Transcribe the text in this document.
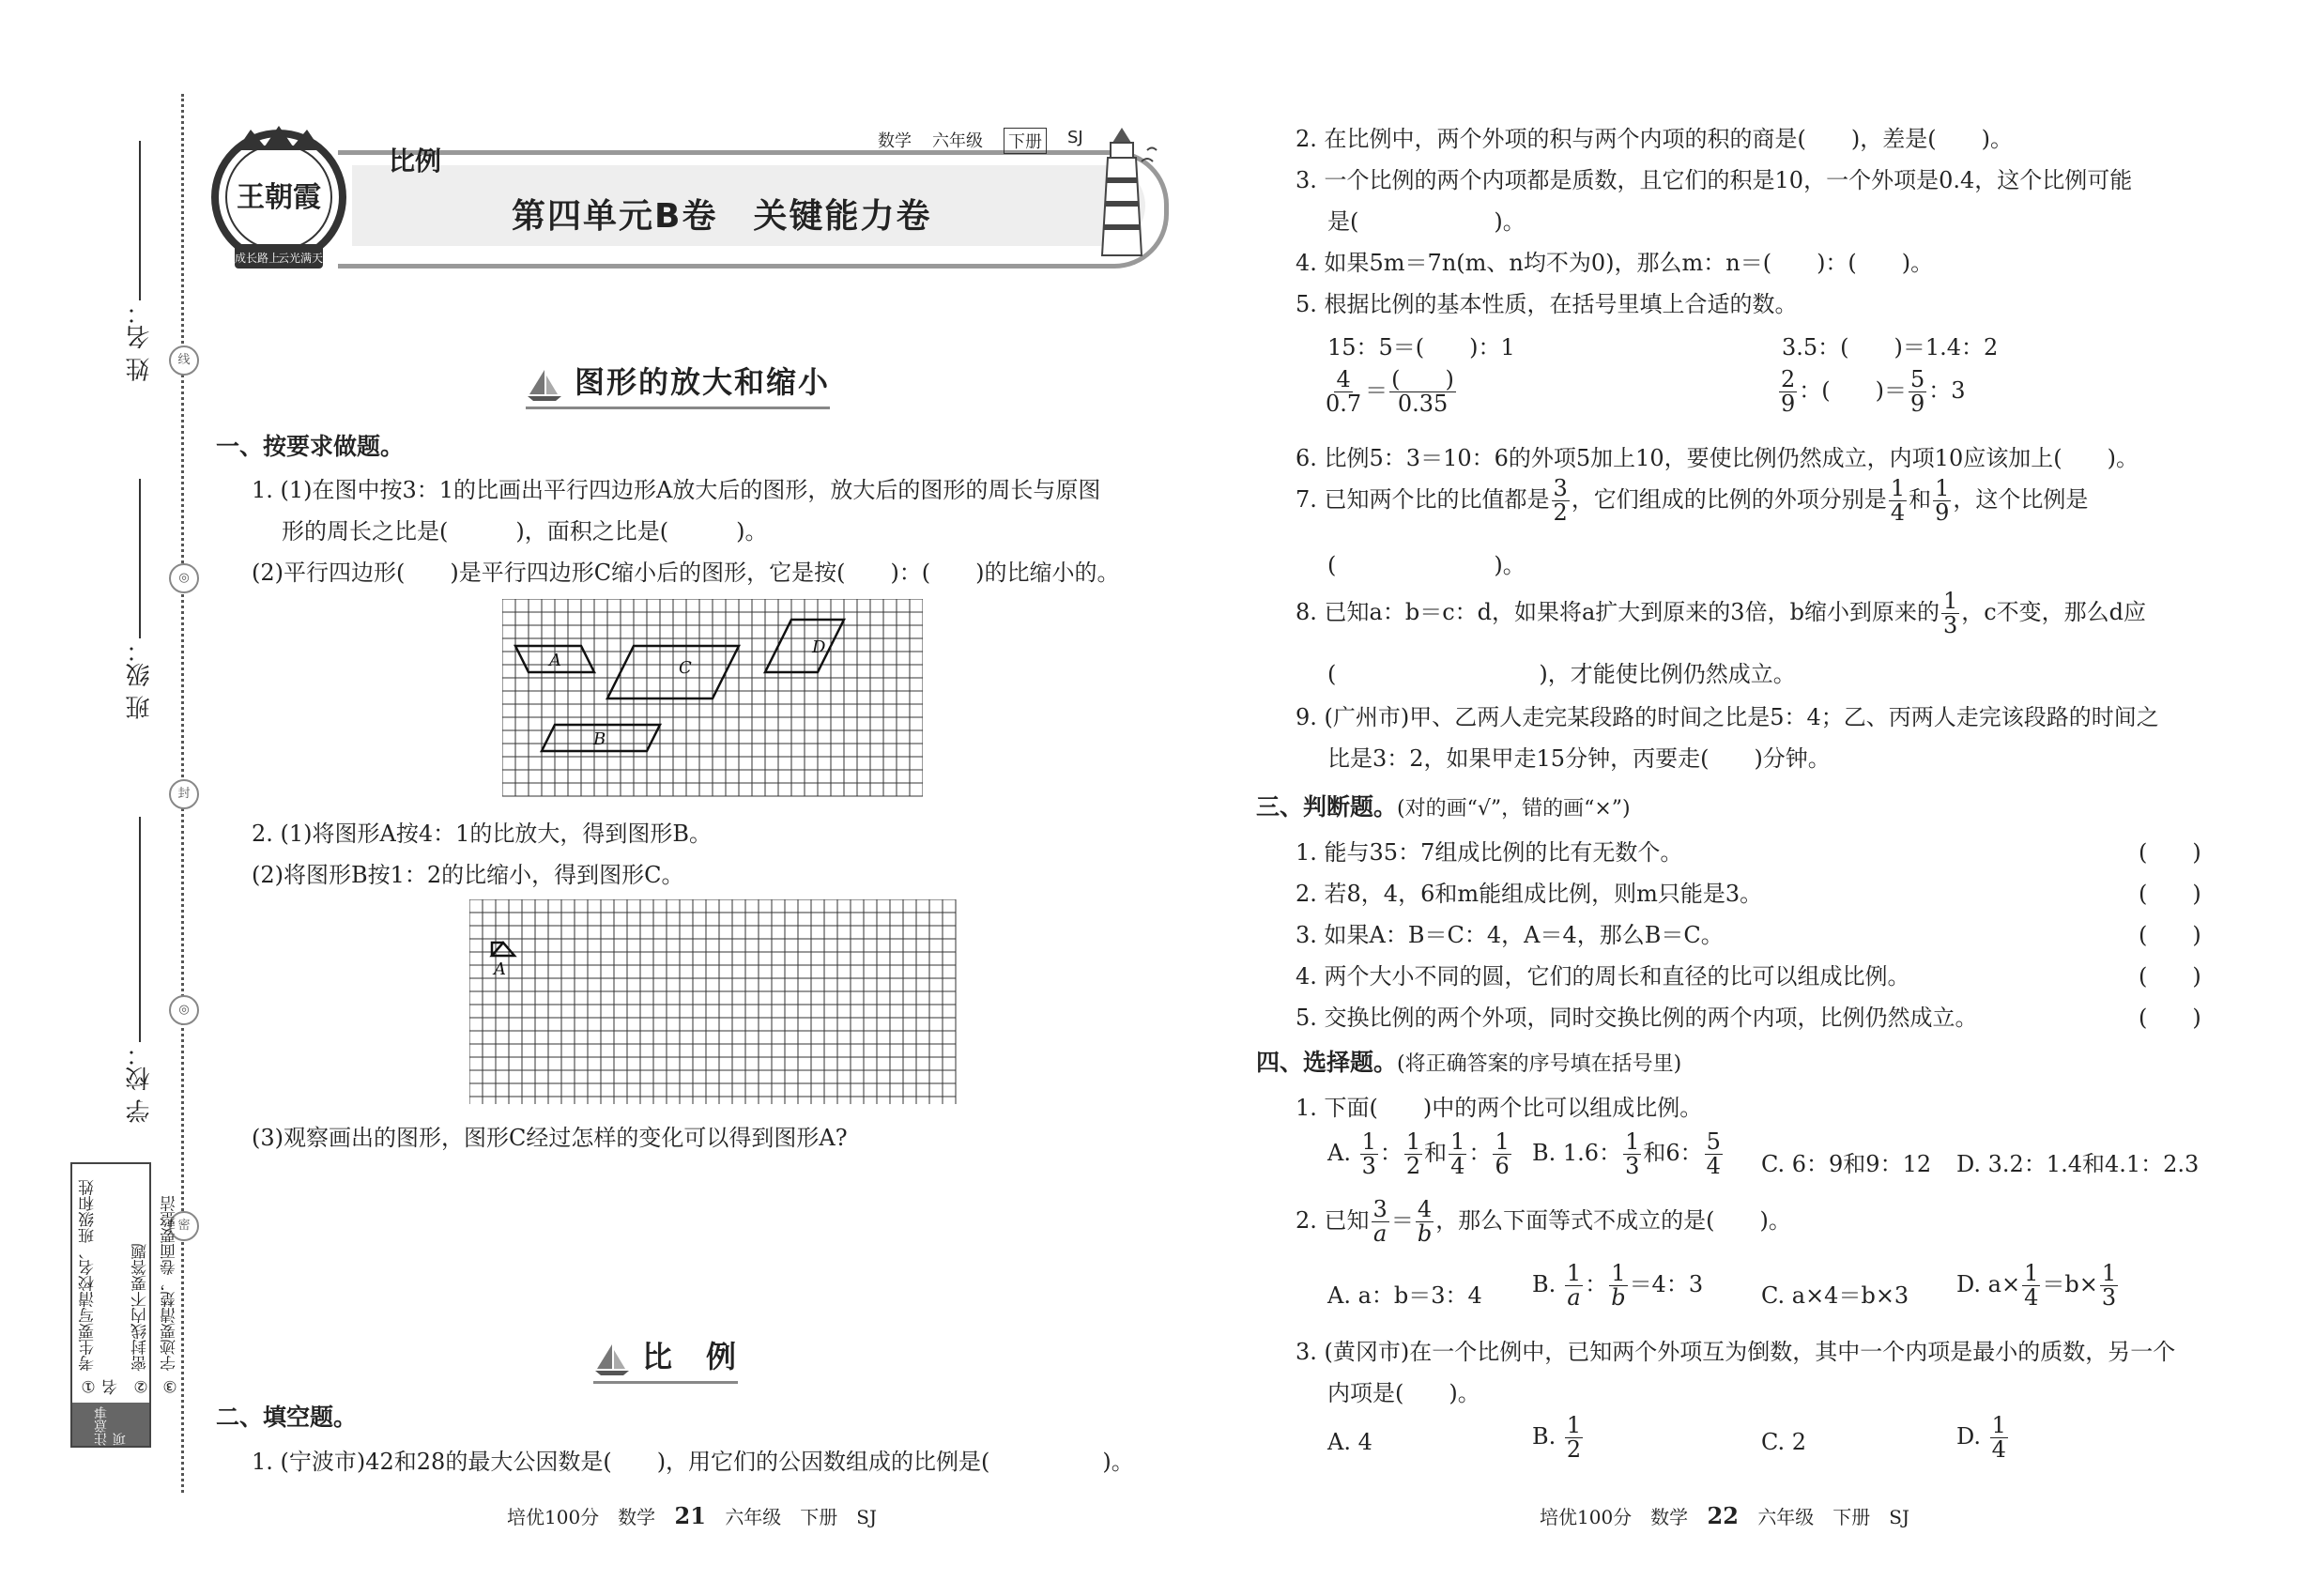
姓 名：
班 级：
学 校：
线
◎
封
◎
密
① 考生要写清校名、班级和姓名 ② 密封线内不要答题 ③ 字迹要清楚，卷面要整洁
注意事项
王朝霞
成长路上
云光满天
比例
第四单元B卷　关键能力卷
数学 六年级 下册 SJ
图形的放大和缩小
一、按要求做题。
1. (1)在图中按3：1的比画出平行四边形A放大后的图形，放大后的图形的周长与原图
形的周长之比是(　　　)，面积之比是(　　　)。
(2)平行四边形(　　)是平行四边形C缩小后的图形，它是按(　　)：(　　)的比缩小的。
A	C
D
B
2. (1)将图形A按4：1的比放大，得到图形B。
(2)将图形B按1：2的比缩小，得到图形C。
A
(3)观察画出的图形，图形C经过怎样的变化可以得到图形A?
比　例
二、填空题。
1. (宁波市)42和28的最大公因数是(　　)，用它们的公因数组成的比例是(　　　　　)。
2. 在比例中，两个外项的积与两个内项的积的商是(　　)，差是(　　)。
3. 一个比例的两个内项都是质数，且它们的积是10，一个外项是0.4，这个比例可能
是(　　　　　　)。
4. 如果5m＝7n(m、n均不为0)，那么m：n＝(　　)：(　　)。
5. 根据比例的基本性质，在括号里填上合适的数。
15：5＝(　　)：1	3.5：(　　)＝1.4：2
$\frac{4}{0.7} = \frac{( )}{0.35}$	$\frac{2}{9}$ ：(　　)＝ $\frac{5}{9}$ ：3
6. 比例5：3＝10：6的外项5加上10，要使比例仍然成立，内项10应该加上(　　)。
7. 已知两个比的比值都是 $\frac{3}{2}$ ，它们组成的比例的外项分别是 $\frac{1}{4}$ 和 $\frac{1}{9}$ ，这个比例是
(　　　　　　　)。
8. 已知a：b＝c：d，如果将a扩大到原来的3倍，b缩小到原来的 $\frac{1}{3}$ ，c不变，那么d应
(　　　　　　　　　)，才能使比例仍然成立。
9. (广州市)甲、乙两人走完某段路的时间之比是5：4；乙、丙两人走完该段路的时间之
比是3：2，如果甲走15分钟，丙要走(　　)分钟。
三、判断题。(对的画“√”，错的画“×”)
1. 能与35：7组成比例的比有无数个。	(　　)
2. 若8，4，6和m能组成比例，则m只能是3。	(　　)
3. 如果A：B＝C：4，A＝4，那么B＝C。	(　　)
4. 两个大小不同的圆，它们的周长和直径的比可以组成比例。	(　　)
5. 交换比例的两个外项，同时交换比例的两个内项，比例仍然成立。	(　　)
四、选择题。(将正确答案的序号填在括号里)
1. 下面(　　)中的两个比可以组成比例。
A. $\frac{1}{3}$ ： $\frac{1}{2}$ 和 $\frac{1}{4}$ ： $\frac{1}{6} B$. 1.6： $\frac{1}{3}$ 和6： $\frac{5}{4} C$. 6：9和9：12 D. 3.2：1.4和4.1：2.3
2. 已知 $\frac{3}{a} = \frac{4}{b}$ ，那么下面等式不成立的是(　　)。
A. a：b＝3：4 B. $\frac{1}{a}$ ： $\frac{1}{b} =4$：3	C. a×4＝b×3 D. $a\times \frac{1}{4} =b\times \frac{1}{3}$
3. (黄冈市)在一个比例中，已知两个外项互为倒数，其中一个内项是最小的质数，另一个
内项是(　　)。
A. 4	B. $\frac{1}{2}$	C. 2	D. $\frac{1}{4}$
培优100分　数学 21 六年级　下册　SJ	培优100分　数学 22 六年级　下册　SJ
